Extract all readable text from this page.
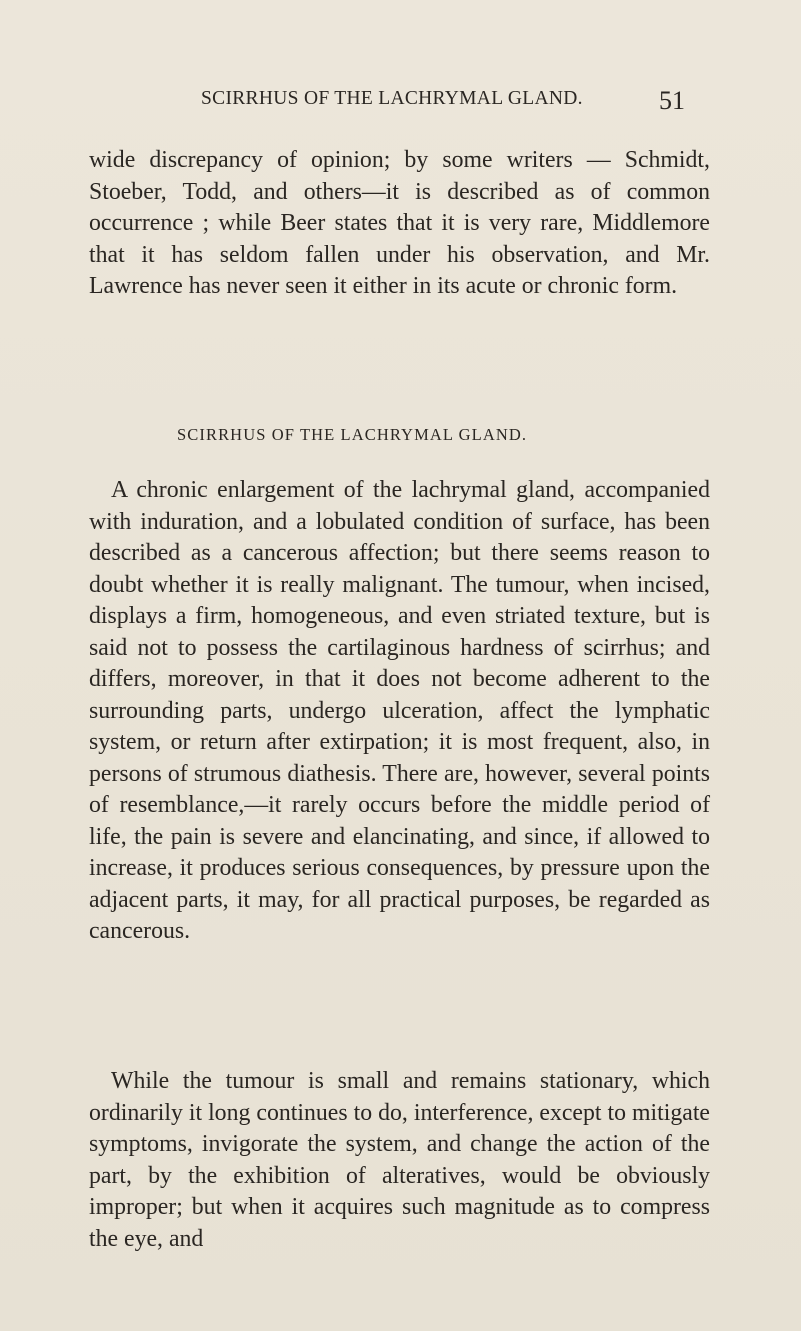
SCIRRHUS OF THE LACHRYMAL GLAND.	51

wide discrepancy of opinion; by some writers — Schmidt, Stoeber, Todd, and others—it is described as of common occurrence ; while Beer states that it is very rare, Middlemore that it has seldom fallen under his observation, and Mr. Lawrence has never seen it either in its acute or chronic form.

SCIRRHUS OF THE LACHRYMAL GLAND.

A chronic enlargement of the lachrymal gland, accompanied with induration, and a lobulated condition of surface, has been described as a cancerous affection; but there seems reason to doubt whether it is really malignant. The tumour, when incised, displays a firm, homogeneous, and even striated texture, but is said not to possess the cartilaginous hardness of scirrhus; and differs, moreover, in that it does not become adherent to the surrounding parts, undergo ulceration, affect the lymphatic system, or return after extirpation; it is most frequent, also, in persons of strumous diathesis. There are, however, several points of resemblance,—it rarely occurs before the middle period of life, the pain is severe and elancinating, and since, if allowed to increase, it produces serious consequences, by pressure upon the adjacent parts, it may, for all practical purposes, be regarded as cancerous.

While the tumour is small and remains stationary, which ordinarily it long continues to do, interference, except to mitigate symptoms, invigorate the system, and change the action of the part, by the exhibition of alteratives, would be obviously improper; but when it acquires such magnitude as to compress the eye, and
